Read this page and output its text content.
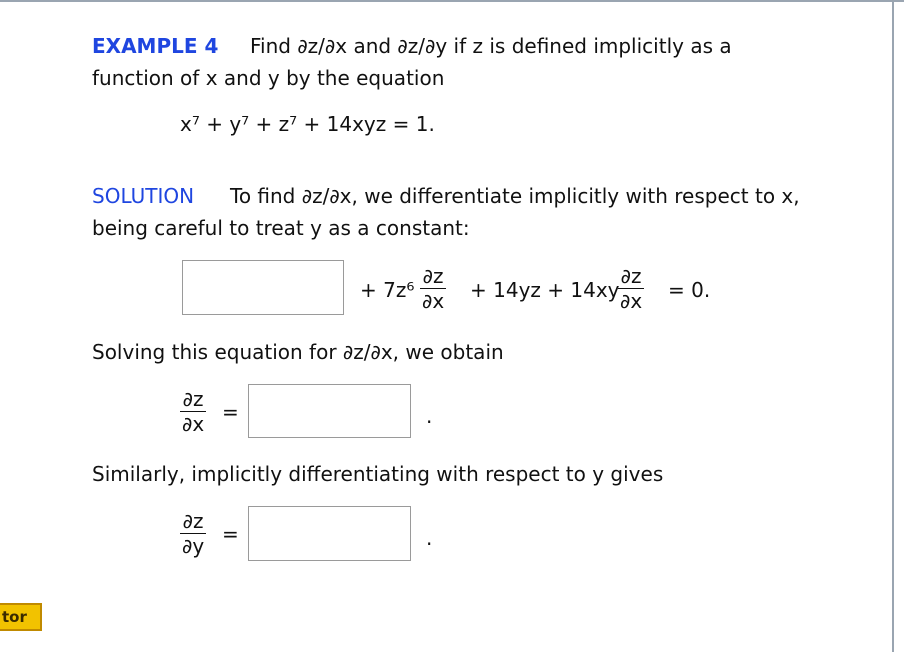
EXAMPLE 4 Find ∂z/∂x and ∂z/∂y if z is defined implicitly as a
function of x and y by the equation
x⁷ + y⁷ + z⁷ + 14xyz = 1.
SOLUTION To find ∂z/∂x, we differentiate implicitly with respect to x,
being careful to treat y as a constant:
+ 7z⁶
∂z
∂x + 14yz + 14xy
∂z
∂x = 0.
Solving this equation for ∂z/∂x, we obtain
∂z
∂x =	.
Similarly, implicitly differentiating with respect to y gives
∂z
∂y =	.
tor
